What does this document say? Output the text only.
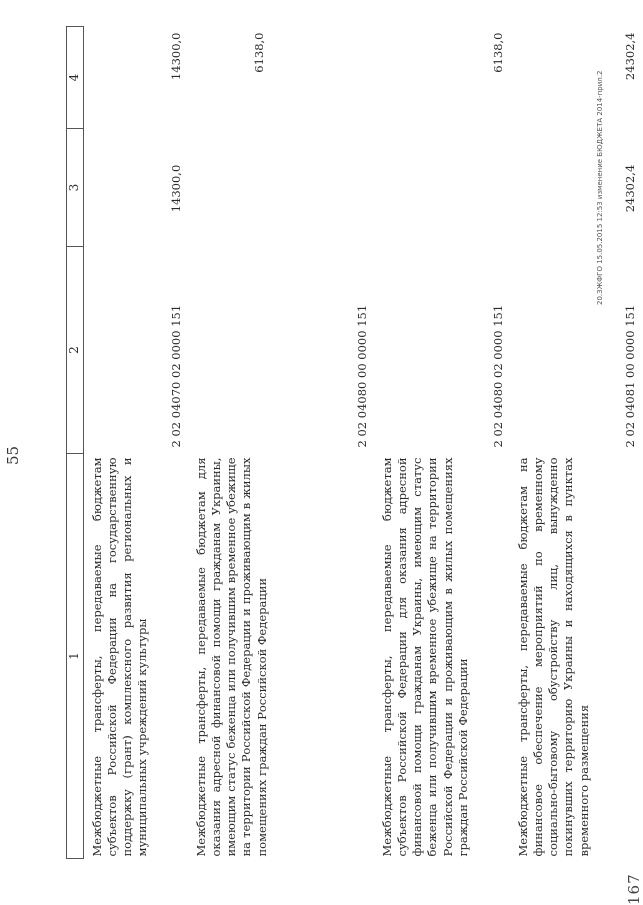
55
1	2	3	4
Межбюджетные трансферты, передаваемые бюджетам субъектов Российской Федерации на государственную поддержку (грант) комплексного развития региональных и муниципальных учреждений культуры	2 02 04070 02 0000 151	14300,0	14300,0
Межбюджетные трансферты, передаваемые бюджетам для оказания адресной финансовой помощи гражданам Украины, имеющим статус беженца или получившим временное убежище на территории Российской Федерации и проживающим в жилых помещениях граждан Российской Федерации	2 02 04080 00 0000 151		6138,0
Межбюджетные трансферты, передаваемые бюджетам субъектов Российской Федерации для оказания адресной финансовой помощи гражданам Украины, имеющим статус беженца или получившим временное убежище на территории Российской Федерации и проживающим в жилых помещениях граждан Российской Федерации	2 02 04080 02 0000 151		6138,0
Межбюджетные трансферты, передаваемые бюджетам на финансовое обеспечение мероприятий по временному социально-бытовому обустройству лиц, вынужденно покинувших территорию Украины и находящихся в пунктах временного размещения	2 02 04081 00 0000 151	24302,4	24302,4
20.ЗЖФГО 15.05.2015 12:53 изменение БЮДЖЕТА 2014-прил.2
167
